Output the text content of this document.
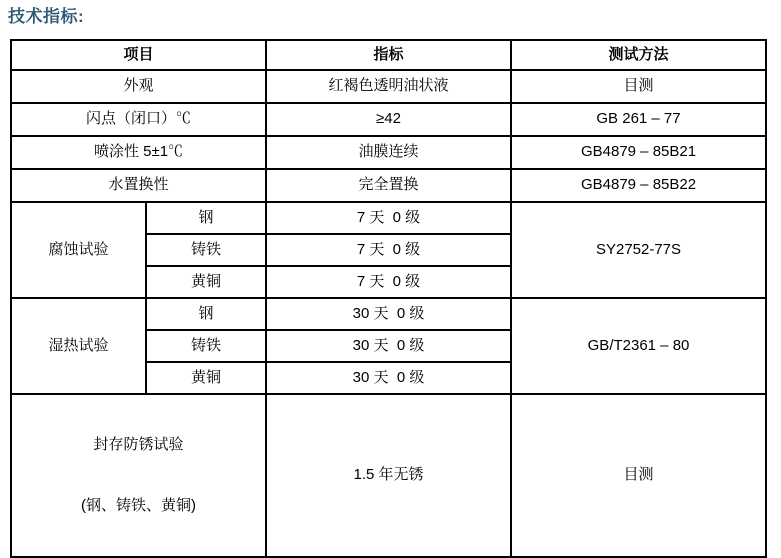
技术指标:
项目		指标	测试方法
外观		红褐色透明油状液	目测
闪点（闭口）℃		≥42	GB 261 – 77
喷涂性 5±1℃		油膜连续	GB4879 – 85B21
水置换性		完全置换	GB4879 – 85B22
腐蚀试验	钢	7 天  0 级	SY2752-77S
	铸铁	7 天  0 级	
	黄铜	7 天  0 级	
湿热试验	钢	30 天  0 级	GB/T2361 – 80
	铸铁	30 天  0 级	
	黄铜	30 天  0 级	

封存防锈试验

(钢、铸铁、黄铜)		1.5 年无锈	目测
